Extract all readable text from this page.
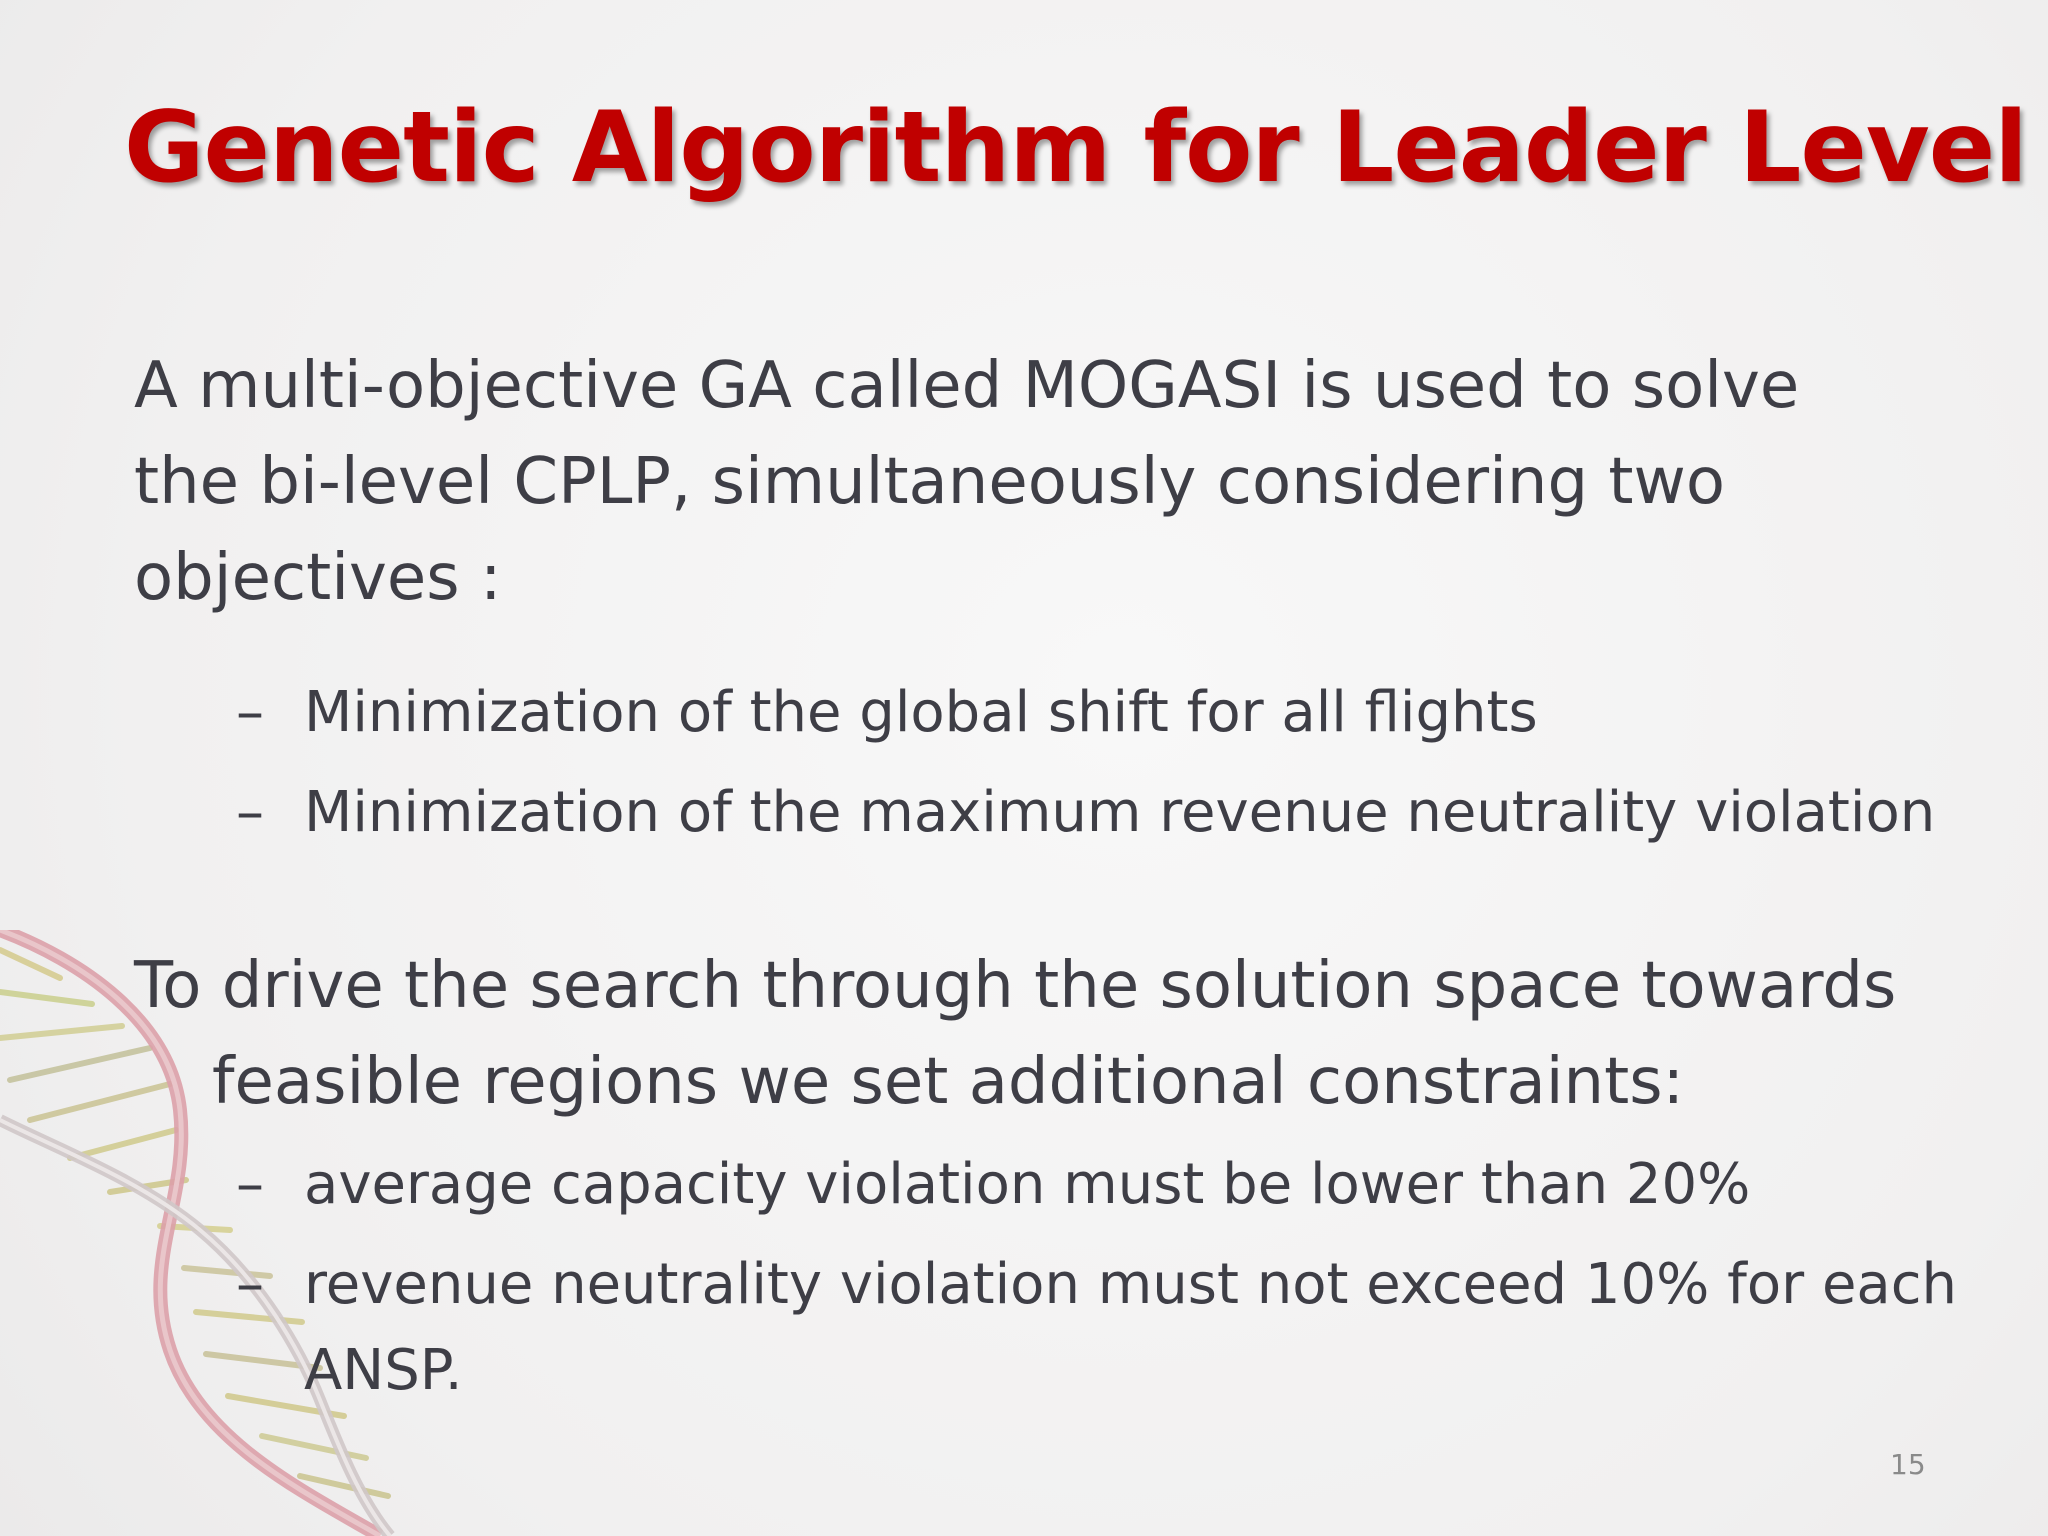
Genetic Algorithm for Leader Level
A multi-objective GA called MOGASI is used to solve
the bi-level CPLP, simultaneously considering two
objectives :
– Minimization of the global shift for all flights
– Minimization of the maximum revenue neutrality violation
To drive the search through the solution space towards
feasible regions we set additional constraints:
– average capacity violation must be lower than 20%
– revenue neutrality violation must not exceed 10% for each
ANSP.
15
